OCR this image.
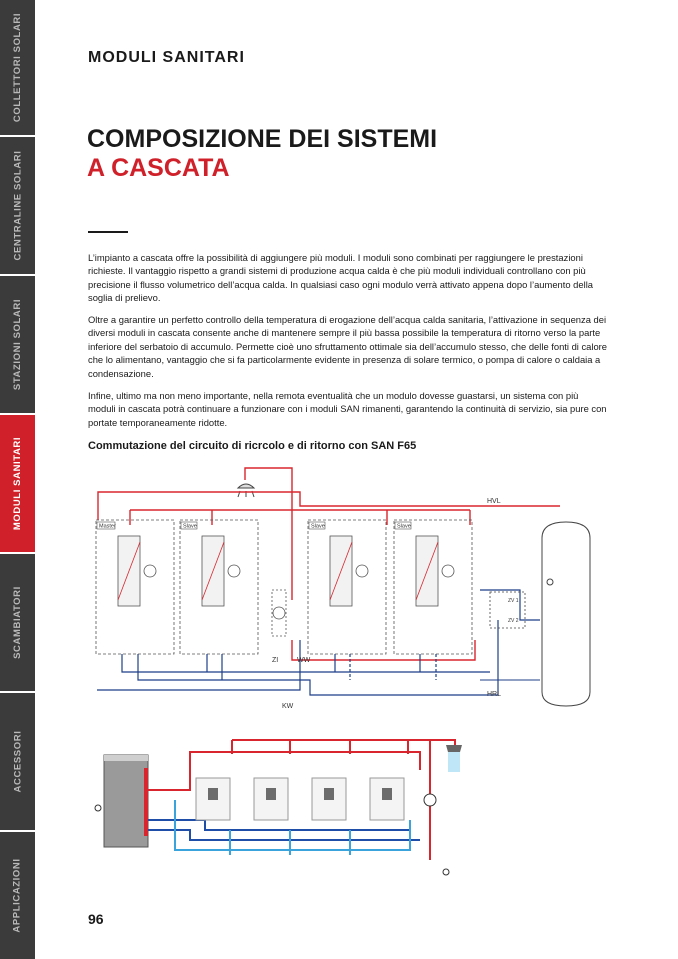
COLLETTORI SOLARI
CENTRALINE SOLARI
STAZIONI SOLARI
MODULI SANITARI
SCAMBIATORI
ACCESSORI
APPLICAZIONI
MODULI SANITARI
COMPOSIZIONE DEI SISTEMI
A CASCATA

L’impianto a cascata offre la possibilità di aggiungere più moduli. I moduli sono combinati per raggiungere le prestazioni richieste. Il vantaggio rispetto a grandi sistemi di produzione acqua calda è che più moduli individuali controllano con più precisione il flusso volumetrico dell’acqua calda. In qualsiasi caso ogni modulo verrà attivato appena dopo l’aumento della soglia di prelievo.

Oltre a garantire un perfetto controllo della temperatura di erogazione dell’acqua calda sanitaria, l’attivazione in sequenza dei diversi moduli in cascata consente anche di mantenere sempre il più bassa possibile la temperatura di ritorno verso la parte inferiore del serbatoio di accumulo. Permette cioè uno sfruttamento ottimale sia dell’accumulo stesso, che delle fonti di calore che lo alimentano, vantaggio che si fa particolarmente evidente in presenza di solare termico, o pompa di calore o caldaia a condensazione.

Infine, ultimo ma non meno importante, nella remota eventualità che un modulo dovesse guastarsi, un sistema con più moduli in cascata potrà continuare a funzionare con i moduli SAN rimanenti, garantendo la continuità di servizio, sia pure con portate temporaneamente ridotte.

Commutazione del circuito di ricrcolo e di ritorno con SAN F65
Master	Slave	Slave	Slave
ZV 1
ZV 2
HVL
HRL
KW
ZI	WW
96
